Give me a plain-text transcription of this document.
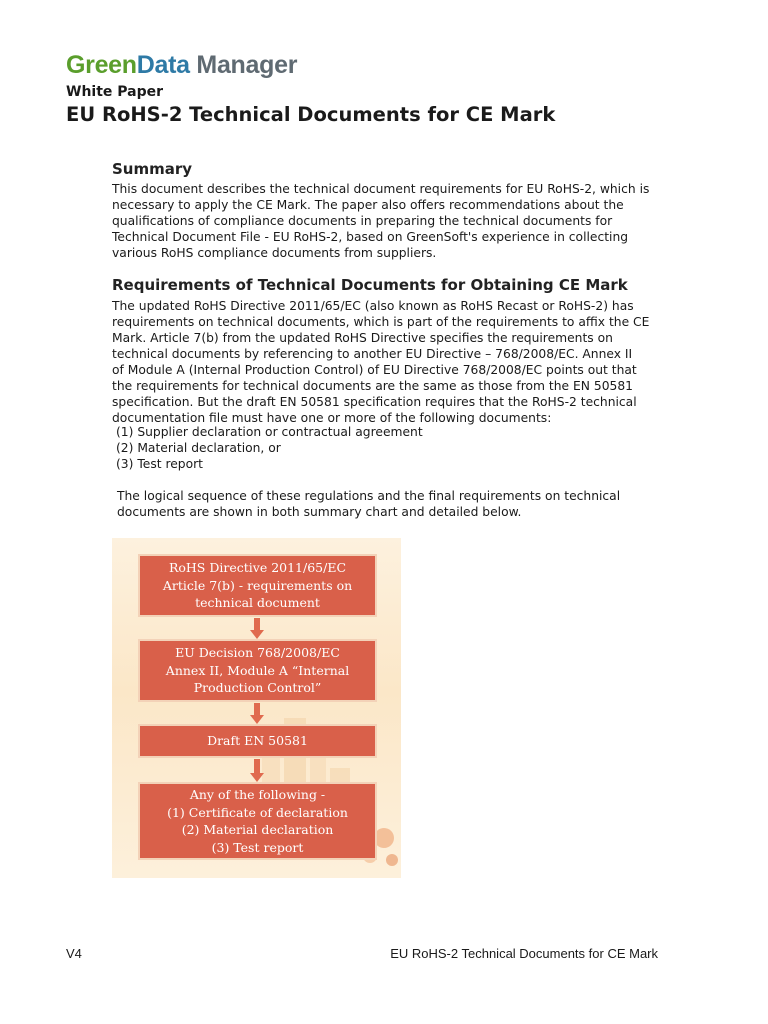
GreenData Manager
White Paper
EU RoHS-2 Technical Documents for CE Mark
Summary
This document describes the technical document requirements for EU RoHS-2, which is
necessary to apply the CE Mark. The paper also offers recommendations about the
qualifications of compliance documents in preparing the technical documents for
Technical Document File - EU RoHS-2, based on GreenSoft's experience in collecting
various RoHS compliance documents from suppliers.
Requirements of Technical Documents for Obtaining CE Mark
The updated RoHS Directive 2011/65/EC (also known as RoHS Recast or RoHS-2) has
requirements on technical documents, which is part of the requirements to affix the CE
Mark. Article 7(b) from the updated RoHS Directive specifies the requirements on
technical documents by referencing to another EU Directive – 768/2008/EC. Annex II
of Module A (Internal Production Control) of EU Directive 768/2008/EC points out that
the requirements for technical documents are the same as those from the EN 50581
specification. But the draft EN 50581 specification requires that the RoHS-2 technical
documentation file must have one or more of the following documents:
(1) Supplier declaration or contractual agreement
(2) Material declaration, or
(3) Test report
The logical sequence of these regulations and the final requirements on technical
documents are shown in both summary chart and detailed below.
RoHS Directive 2011/65/EC
Article 7(b) - requirements on
technical document
EU Decision 768/2008/EC
Annex II, Module A “Internal
Production Control”
Draft EN 50581
Any of the following -
(1) Certificate of declaration
(2) Material declaration
(3) Test report
V4	EU RoHS-2 Technical Documents for CE Mark
